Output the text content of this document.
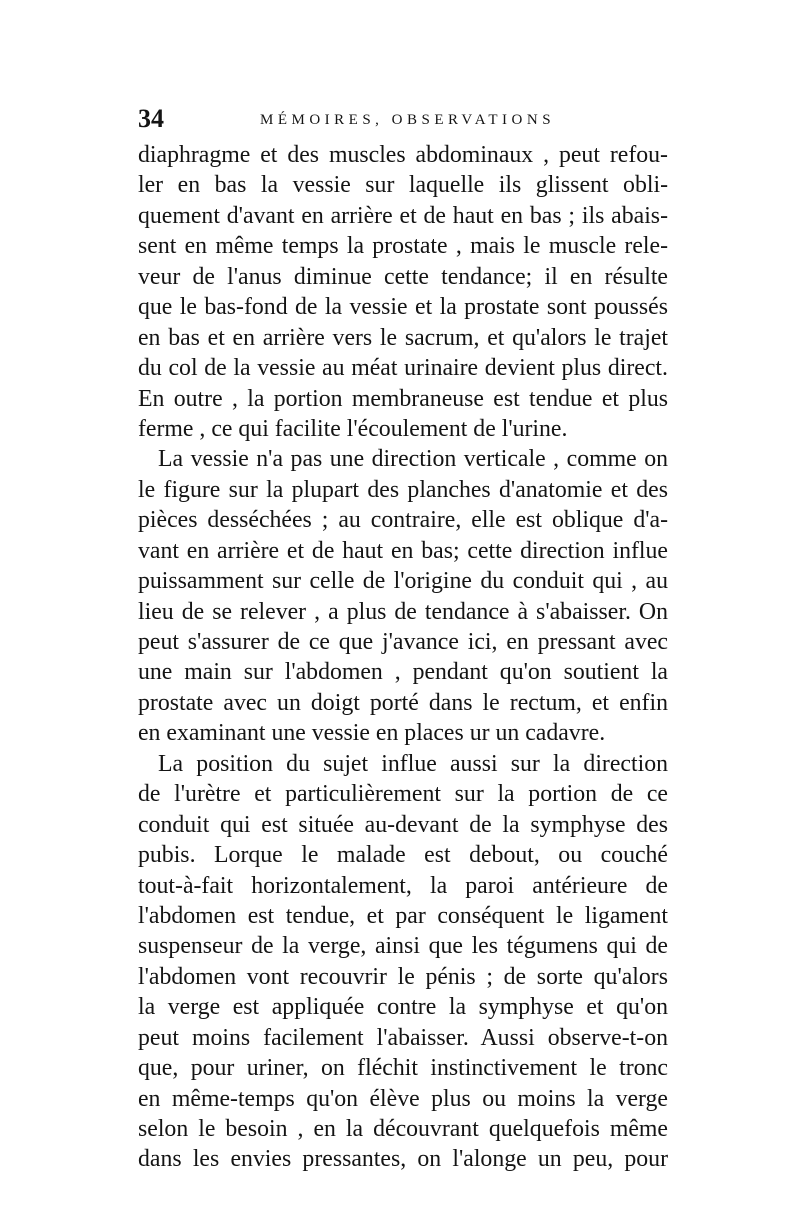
34	MÉMOIRES, OBSERVATIONS
diaphragme et des muscles abdominaux , peut refou-
ler en bas la vessie sur laquelle ils glissent obli-
quement d'avant en arrière et de haut en bas ; ils abais-
sent en même temps la prostate , mais le muscle rele-
veur de l'anus diminue cette tendance; il en résulte
que le bas-fond de la vessie et la prostate sont poussés
en bas et en arrière vers le sacrum, et qu'alors le trajet
du col de la vessie au méat urinaire devient plus direct.
En outre , la portion membraneuse est tendue et plus
ferme , ce qui facilite l'écoulement de l'urine.
La vessie n'a pas une direction verticale , comme on
le figure sur la plupart des planches d'anatomie et des
pièces desséchées ; au contraire, elle est oblique d'a-
vant en arrière et de haut en bas; cette direction influe
puissamment sur celle de l'origine du conduit qui , au
lieu de se relever , a plus de tendance à s'abaisser. On
peut s'assurer de ce que j'avance ici, en pressant avec
une main sur l'abdomen , pendant qu'on soutient la
prostate avec un doigt porté dans le rectum, et enfin
en examinant une vessie en places ur un cadavre.
La position du sujet influe aussi sur la direction
de l'urètre et particulièrement sur la portion de ce
conduit qui est située au-devant de la symphyse des
pubis. Lorque le malade est debout, ou couché
tout-à-fait horizontalement, la paroi antérieure de
l'abdomen est tendue, et par conséquent le ligament
suspenseur de la verge, ainsi que les tégumens qui de
l'abdomen vont recouvrir le pénis ; de sorte qu'alors
la verge est appliquée contre la symphyse et qu'on
peut moins facilement l'abaisser. Aussi observe-t-on
que, pour uriner, on fléchit instinctivement le tronc
en même-temps qu'on élève plus ou moins la verge
selon le besoin , en la découvrant quelquefois même
dans les envies pressantes, on l'alonge un peu, pour
